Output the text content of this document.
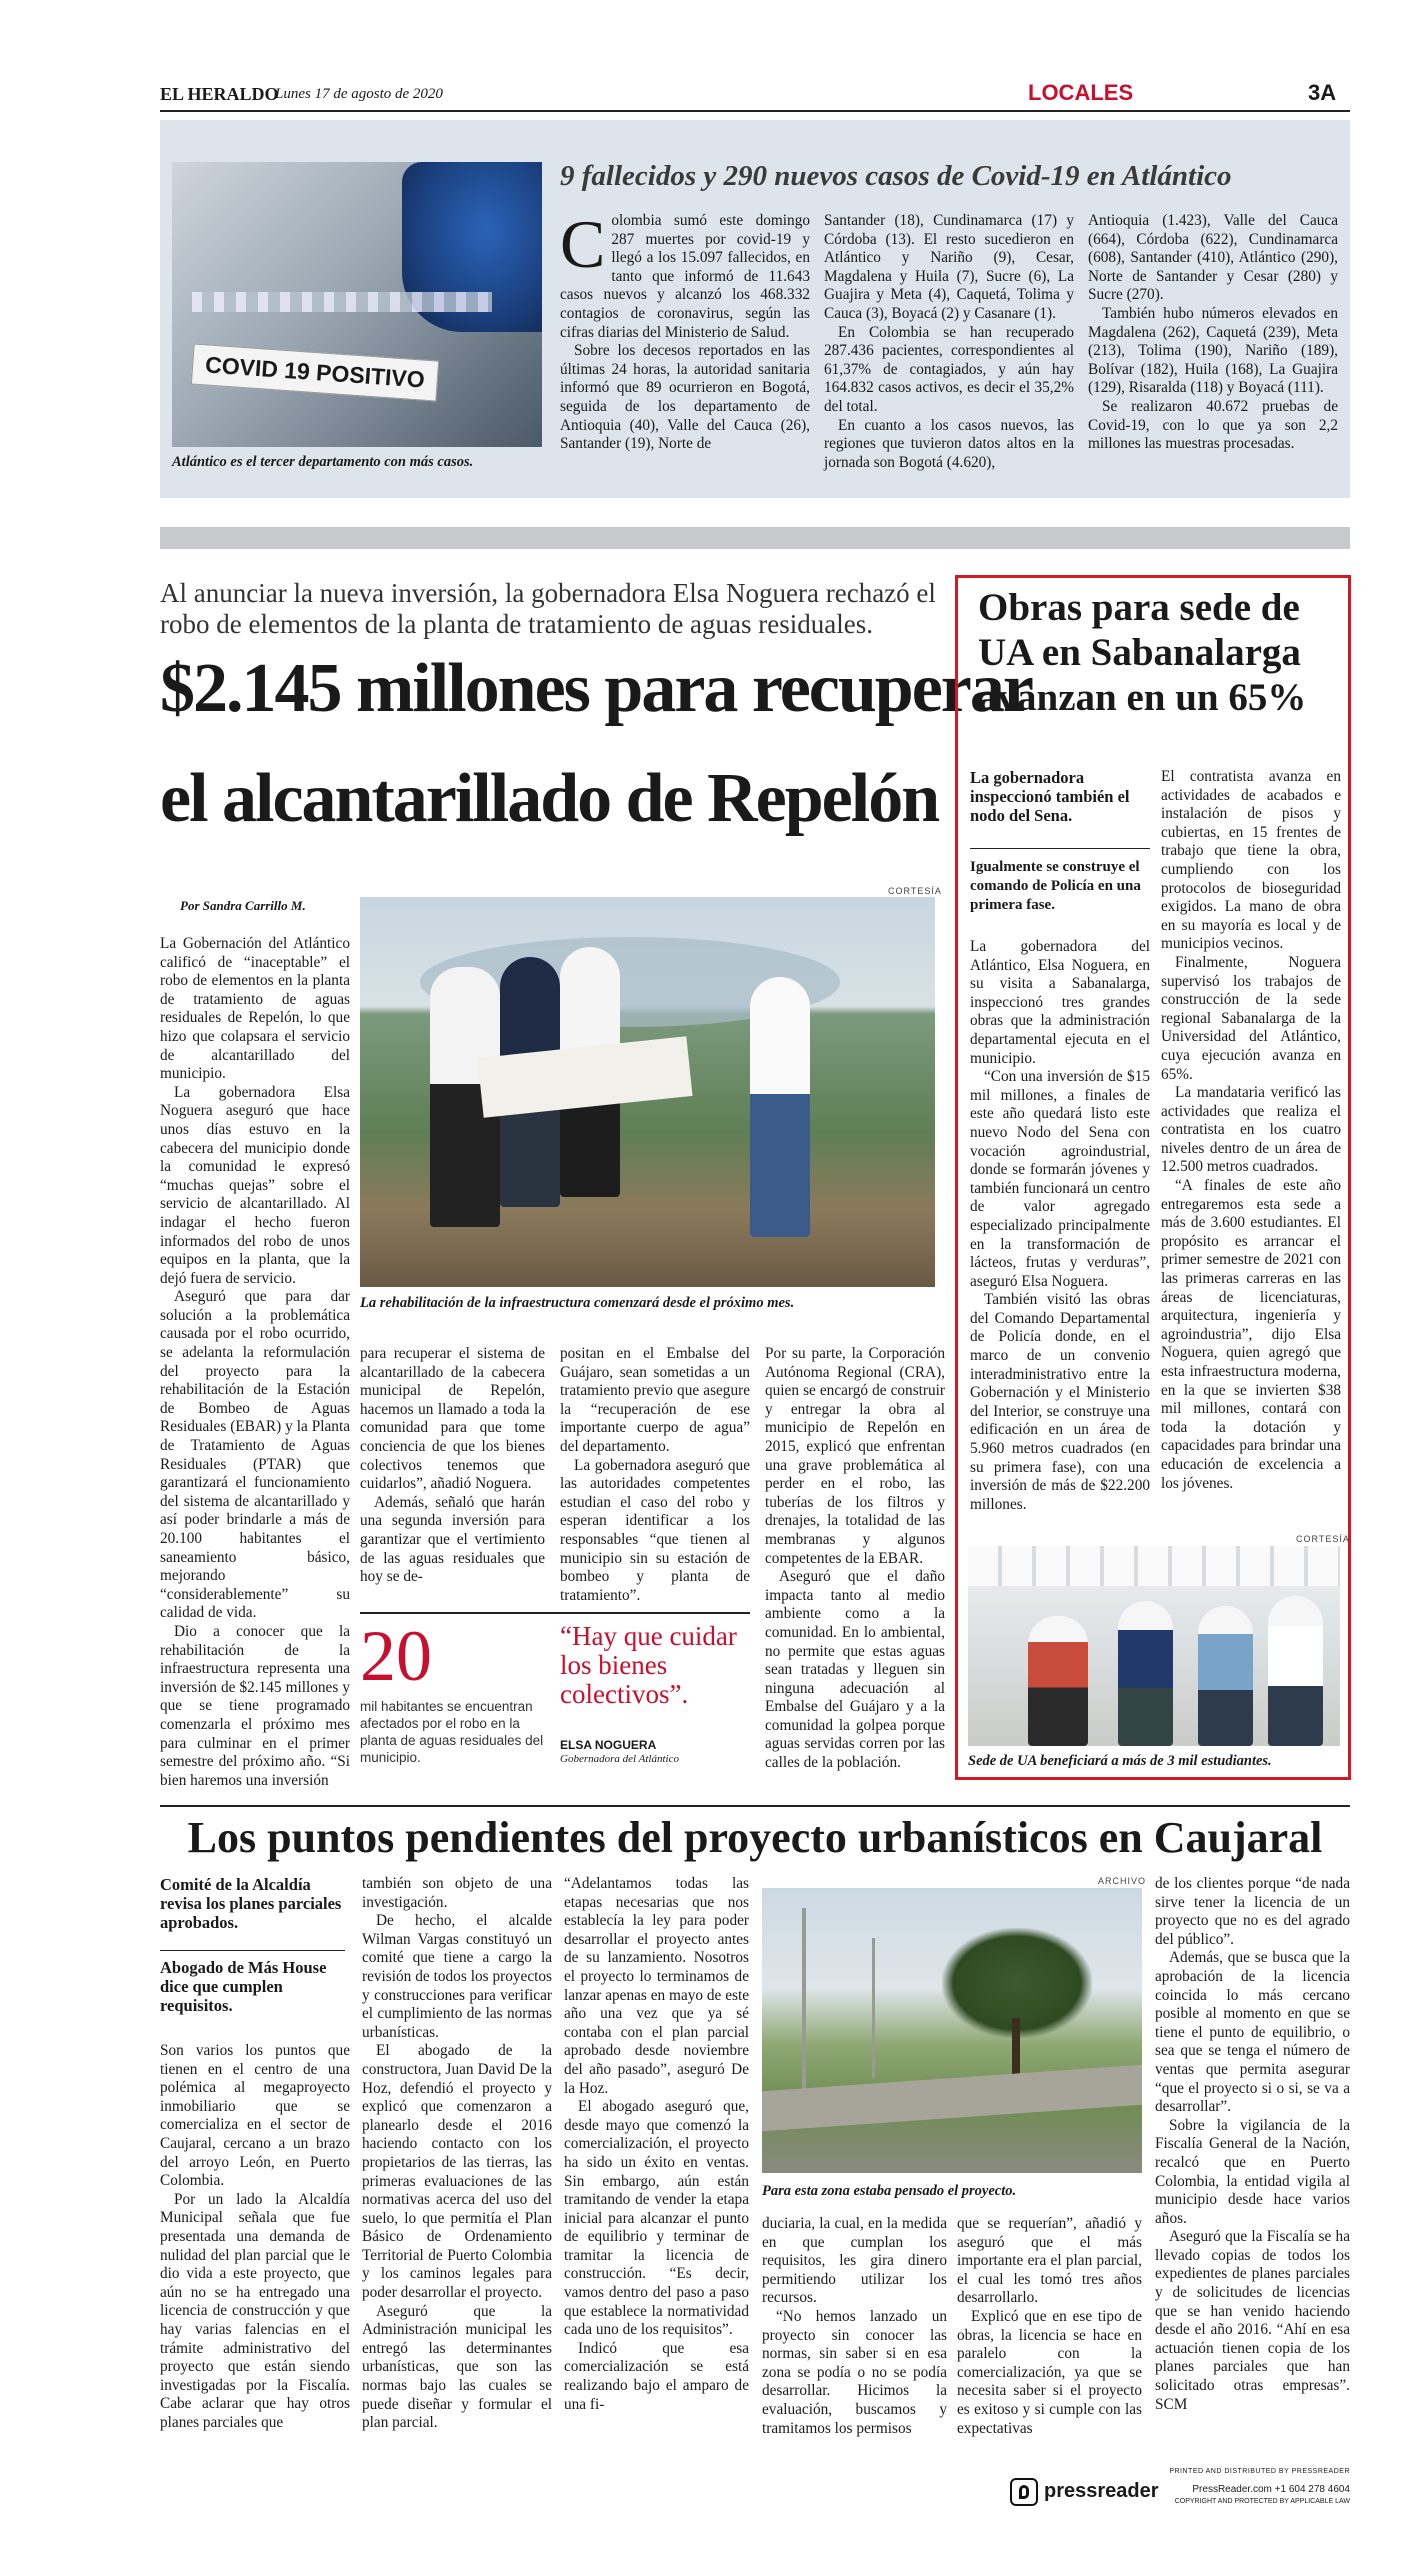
EL HERALDO
Lunes 17 de agosto de 2020	LOCALES	3A
COVID 19 POSITIVO
Atlántico es el tercer departamento con más casos.
9 fallecidos y 290 nuevos casos de Covid-19 en Atlántico
C olombia sumó este domingo 287 muertes por covid-19 y llegó a los 15.097 fallecidos, en tanto que informó de 11.643 casos nuevos y alcanzó los 468.332 contagios de coronavirus, según las cifras diarias del Ministerio de Salud.

Sobre los decesos reportados en las últimas 24 horas, la autoridad sanitaria informó que 89 ocurrieron en Bogotá, seguida de los departamento de Antioquia (40), Valle del Cauca (26), Santander (19), Norte de

Santander (18), Cundinamarca (17) y Córdoba (13). El resto sucedieron en Atlántico y Nariño (9), Cesar, Magdalena y Huila (7), Sucre (6), La Guajira y Meta (4), Caquetá, Tolima y Cauca (3), Boyacá (2) y Casanare (1).

En Colombia se han recuperado 287.436 pacientes, correspondientes al 61,37% de contagiados, y aún hay 164.832 casos activos, es decir el 35,2% del total.

En cuanto a los casos nuevos, las regiones que tuvieron datos altos en la jornada son Bogotá (4.620),

Antioquia (1.423), Valle del Cauca (664), Córdoba (622), Cundinamarca (608), Santander (410), Atlántico (290), Norte de Santander y Cesar (280) y Sucre (270).

También hubo números elevados en Magdalena (262), Caquetá (239), Meta (213), Tolima (190), Nariño (189), Bolívar (182), Huila (168), La Guajira (129), Risaralda (118) y Boyacá (111).

Se realizaron 40.672 pruebas de Covid-19, con lo que ya son 2,2 millones las muestras procesadas.

Al anunciar la nueva inversión, la gobernadora Elsa Noguera rechazó el robo de elementos de la planta de tratamiento de aguas residuales.
$2.145 millones para recuperar
el alcantarillado de Repelón
Por Sandra Carrillo M.
CORTESÍA
La rehabilitación de la infraestructura comenzará desde el próximo mes.

La Gobernación del Atlántico calificó de “inaceptable” el robo de elementos en la planta de tratamiento de aguas residuales de Repelón, lo que hizo que colapsara el servicio de alcantarillado del municipio.

La gobernadora Elsa Noguera aseguró que hace unos días estuvo en la cabecera del municipio donde la comunidad le expresó “muchas quejas” sobre el servicio de alcantarillado. Al indagar el hecho fueron informados del robo de unos equipos en la planta, que la dejó fuera de servicio.

Aseguró que para dar solución a la problemática causada por el robo ocurrido, se adelanta la reformulación del proyecto para la rehabilitación de la Estación de Bombeo de Aguas Residuales (EBAR) y la Planta de Tratamiento de Aguas Residuales (PTAR) que garantizará el funcionamiento del sistema de alcantarillado y así poder brindarle a más de 20.100 habitantes el saneamiento básico, mejorando “considerablemente” su calidad de vida.

Dio a conocer que la rehabilitación de la infraestructura representa una inversión de $2.145 millones y que se tiene programado comenzarla el próximo mes para culminar en el primer semestre del próximo año. “Si bien haremos una inversión

para recuperar el sistema de alcantarillado de la cabecera municipal de Repelón, hacemos un llamado a toda la comunidad para que tome conciencia de que los bienes colectivos tenemos que cuidarlos”, añadió Noguera.

Además, señaló que harán una segunda inversión para garantizar que el vertimiento de las aguas residuales que hoy se de-

positan en el Embalse del Guájaro, sean sometidas a un tratamiento previo que asegure la “recuperación de ese importante cuerpo de agua” del departamento.

La gobernadora aseguró que las autoridades competentes estudian el caso del robo y esperan identificar a los responsables “que tienen al municipio sin su estación de bombeo y planta de tratamiento”.

Por su parte, la Corporación Autónoma Regional (CRA), quien se encargó de construir y entregar la obra al municipio de Repelón en 2015, explicó que enfrentan una grave problemática al perder en el robo, las tuberías de los filtros y drenajes, la totalidad de las membranas y algunos competentes de la EBAR.

Aseguró que el daño impacta tanto al medio ambiente como a la comunidad. En lo ambiental, no permite que estas aguas sean tratadas y lleguen sin ninguna adecuación al Embalse del Guájaro y a la comunidad la golpea porque aguas servidas corren por las calles de la población.

20
mil habitantes se encuentran afectados por el robo en la planta de aguas residuales del municipio.
“Hay que cuidar los bienes colectivos”.
ELSA NOGUERA
Gobernadora del Atlántico
Obras para sede de
UA en Sabanalarga
avanzan en un 65%
La gobernadora inspeccionó también el nodo del Sena.
Igualmente se construye el comando de Policía en una primera fase.

La gobernadora del Atlántico, Elsa Noguera, en su visita a Sabanalarga, inspeccionó tres grandes obras que la administración departamental ejecuta en el municipio.

“Con una inversión de $15 mil millones, a finales de este año quedará listo este nuevo Nodo del Sena con vocación agroindustrial, donde se formarán jóvenes y también funcionará un centro de valor agregado especializado principalmente en la transformación de lácteos, frutas y verduras”, aseguró Elsa Noguera.

También visitó las obras del Comando Departamental de Policía donde, en el marco de un convenio interadministrativo entre la Gobernación y el Ministerio del Interior, se construye una edificación en un área de 5.960 metros cuadrados (en su primera fase), con una inversión de más de $22.200 millones.

El contratista avanza en actividades de acabados e instalación de pisos y cubiertas, en 15 frentes de trabajo que tiene la obra, cumpliendo con los protocolos de bioseguridad exigidos. La mano de obra en su mayoría es local y de municipios vecinos.

Finalmente, Noguera supervisó los trabajos de construcción de la sede regional Sabanalarga de la Universidad del Atlántico, cuya ejecución avanza en 65%.

La mandataria verificó las actividades que realiza el contratista en los cuatro niveles dentro de un área de 12.500 metros cuadrados.

“A finales de este año entregaremos esta sede a más de 3.600 estudiantes. El propósito es arrancar el primer semestre de 2021 con las primeras carreras en las áreas de licenciaturas, arquitectura, ingeniería y agroindustria”, dijo Elsa Noguera, quien agregó que esta infraestructura moderna, en la que se invierten $38 mil millones, contará con toda la dotación y capacidades para brindar una educación de excelencia a los jóvenes.

CORTESÍA
Sede de UA beneficiará a más de 3 mil estudiantes.
Los puntos pendientes del proyecto urbanísticos en Caujaral
Comité de la Alcaldía revisa los planes parciales aprobados.
Abogado de Más House dice que cumplen requisitos.

Son varios los puntos que tienen en el centro de una polémica al megaproyecto inmobiliario que se comercializa en el sector de Caujaral, cercano a un brazo del arroyo León, en Puerto Colombia.

Por un lado la Alcaldía Municipal señala que fue presentada una demanda de nulidad del plan parcial que le dio vida a este proyecto, que aún no se ha entregado una licencia de construcción y que hay varias falencias en el trámite administrativo del proyecto que están siendo investigadas por la Fiscalía. Cabe aclarar que hay otros planes parciales que

también son objeto de una investigación.

De hecho, el alcalde Wilman Vargas constituyó un comité que tiene a cargo la revisión de todos los proyectos y construcciones para verificar el cumplimiento de las normas urbanísticas.

El abogado de la constructora, Juan David De la Hoz, defendió el proyecto y explicó que comenzaron a planearlo desde el 2016 haciendo contacto con los propietarios de las tierras, las primeras evaluaciones de las normativas acerca del uso del suelo, lo que permitía el Plan Básico de Ordenamiento Territorial de Puerto Colombia y los caminos legales para poder desarrollar el proyecto.

Aseguró que la Administración municipal les entregó las determinantes urbanísticas, que son las normas bajo las cuales se puede diseñar y formular el plan parcial.

“Adelantamos todas las etapas necesarias que nos establecía la ley para poder desarrollar el proyecto antes de su lanzamiento. Nosotros el proyecto lo terminamos de lanzar apenas en mayo de este año una vez que ya sé contaba con el plan parcial aprobado desde noviembre del año pasado”, aseguró De la Hoz.

El abogado aseguró que, desde mayo que comenzó la comercialización, el proyecto ha sido un éxito en ventas. Sin embargo, aún están tramitando de vender la etapa inicial para alcanzar el punto de equilibrio y terminar de tramitar la licencia de construcción. “Es decir, vamos dentro del paso a paso que establece la normatividad cada uno de los requisitos”.

Indicó que esa comercialización se está realizando bajo el amparo de una fi-

ARCHIVO
Para esta zona estaba pensado el proyecto.

duciaria, la cual, en la medida en que cumplan los requisitos, les gira dinero permitiendo utilizar los recursos.

“No hemos lanzado un proyecto sin conocer las normas, sin saber si en esa zona se podía o no se podía desarrollar. Hicimos la evaluación, buscamos y tramitamos los permisos

que se requerían”, añadió y aseguró que el más importante era el plan parcial, el cual les tomó tres años desarrollarlo.

Explicó que en ese tipo de obras, la licencia se hace en paralelo con la comercialización, ya que se necesita saber si el proyecto es exitoso y si cumple con las expectativas

de los clientes porque “de nada sirve tener la licencia de un proyecto que no es del agrado del público”.

Además, que se busca que la aprobación de la licencia coincida lo más cercano posible al momento en que se tiene el punto de equilibrio, o sea que se tenga el número de ventas que permita asegurar “que el proyecto si o si, se va a desarrollar”.

Sobre la vigilancia de la Fiscalía General de la Nación, recalcó que en Puerto Colombia, la entidad vigila al municipio desde hace varios años.

Aseguró que la Fiscalía se ha llevado copias de todos los expedientes de planes parciales y de solicitudes de licencias que se han venido haciendo desde el año 2016. “Ahí en esa actuación tienen copia de los planes parciales que han solicitado otras empresas”. SCM

PRINTED AND DISTRIBUTED BY PRESSREADER
pressreader	PressReader.com +1 604 278 4604
COPYRIGHT AND PROTECTED BY APPLICABLE LAW
